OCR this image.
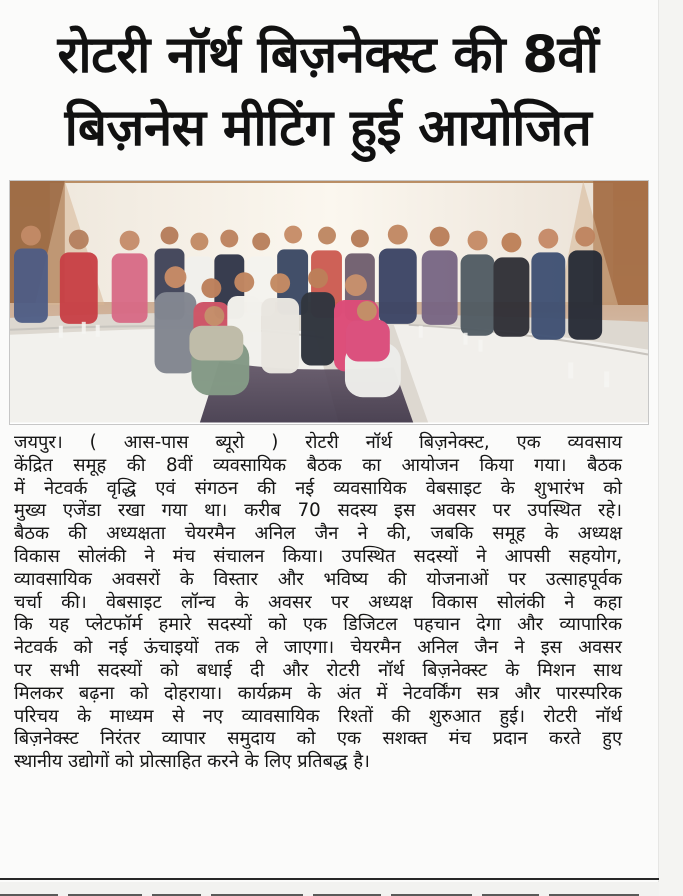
रोटरी नॉर्थ बिज़नेक्स्ट की 8वीं
बिज़नेस मीटिंग हुई आयोजित

जयपुर। ( आस-पास ब्यूरो ) रोटरी नॉर्थ बिज़नेक्स्ट, एक व्यवसाय

केंद्रित समूह की 8वीं व्यवसायिक बैठक का आयोजन किया गया। बैठक

में नेटवर्क वृद्धि एवं संगठन की नई व्यवसायिक वेबसाइट के शुभारंभ को

मुख्य एजेंडा रखा गया था। करीब 70 सदस्य इस अवसर पर उपस्थित रहे।

बैठक की अध्यक्षता चेयरमैन अनिल जैन ने की, जबकि समूह के अध्यक्ष

विकास सोलंकी ने मंच संचालन किया। उपस्थित सदस्यों ने आपसी सहयोग,

व्यावसायिक अवसरों के विस्तार और भविष्य की योजनाओं पर उत्साहपूर्वक

चर्चा की। वेबसाइट लॉन्च के अवसर पर अध्यक्ष विकास सोलंकी ने कहा

कि यह प्लेटफॉर्म हमारे सदस्यों को एक डिजिटल पहचान देगा और व्यापारिक

नेटवर्क को नई ऊंचाइयों तक ले जाएगा। चेयरमैन अनिल जैन ने इस अवसर

पर सभी सदस्यों को बधाई दी और रोटरी नॉर्थ बिज़नेक्स्ट के मिशन साथ

मिलकर बढ़ना को दोहराया। कार्यक्रम के अंत में नेटवर्किंग सत्र और पारस्परिक

परिचय के माध्यम से नए व्यावसायिक रिश्तों की शुरुआत हुई। रोटरी नॉर्थ

बिज़नेक्स्ट निरंतर व्यापार समुदाय को एक सशक्त मंच प्रदान करते हुए

स्थानीय उद्योगों को प्रोत्साहित करने के लिए प्रतिबद्ध है।
